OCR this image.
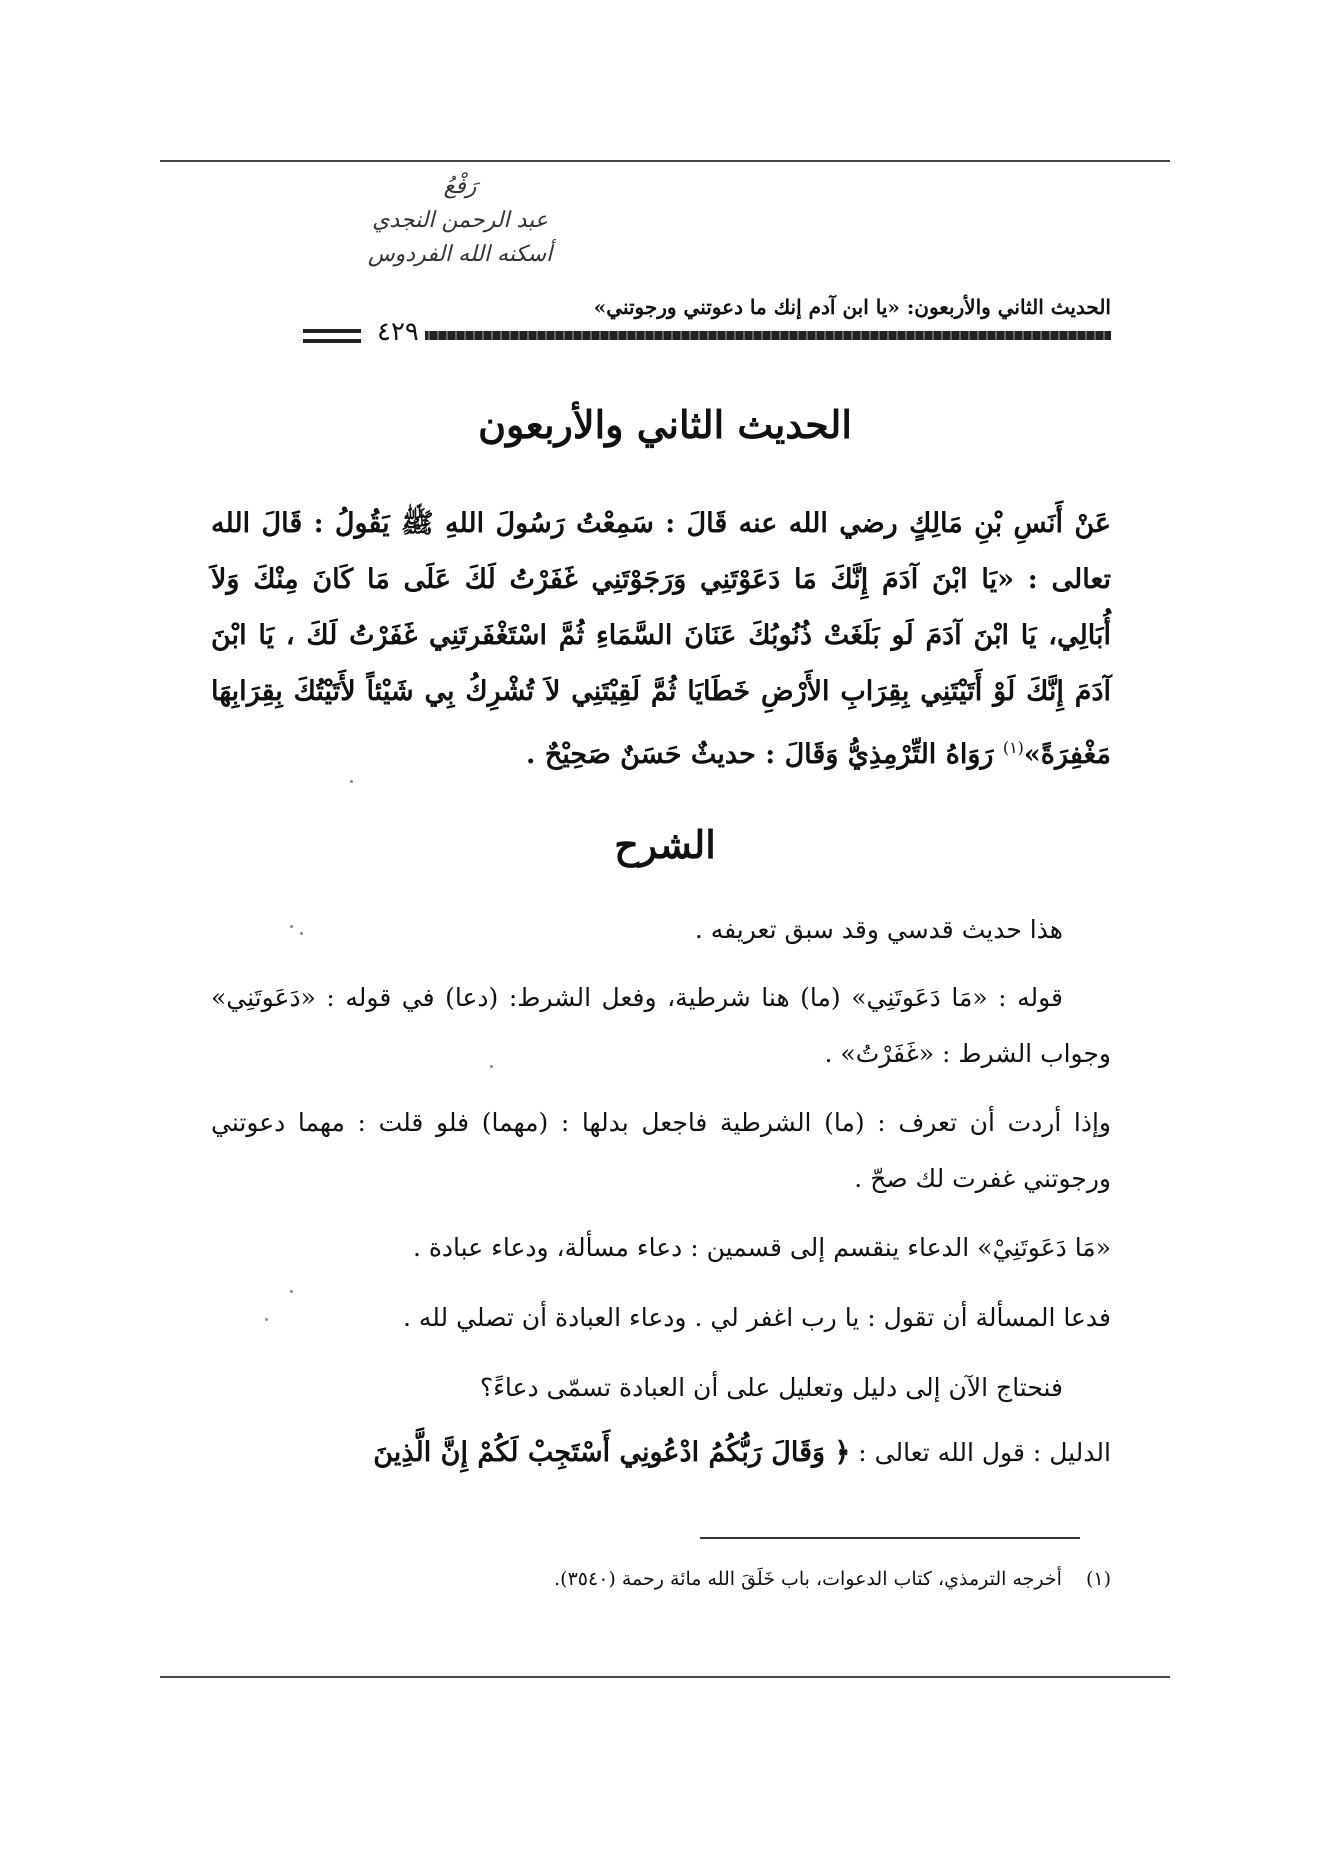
رَفْعُ
عبد الرحمن النجدي
أسكنه الله الفردوس
الحديث الثاني والأربعون: «يا ابن آدم إنك ما دعوتني ورجوتني»
٤٢٩
الحديث الثاني والأربعون
عَنْ أَنَسِ بْنِ مَالِكٍ رضي الله عنه قَالَ : سَمِعْتُ رَسُولَ اللهِ ﷺ يَقُولُ : قَالَ الله تعالى : «يَا ابْنَ آدَمَ إِنَّكَ مَا دَعَوْتَنِي وَرَجَوْتَنِي غَفَرْتُ لَكَ عَلَى مَا كَانَ مِنْكَ وَلاَ أُبَالِي، يَا ابْنَ آدَمَ لَو بَلَغَتْ ذُنُوبُكَ عَنَانَ السَّمَاءِ ثُمَّ اسْتَغْفَرتَنِي غَفَرْتُ لَكَ ، يَا ابْنَ آدَمَ إِنَّكَ لَوْ أَتَيْتَنِي بِقِرَابِ الأَرْضِ خَطَايَا ثُمَّ لَقِيْتَنِي لاَ تُشْرِكُ بِي شَيْئاً لأَتَيْتُكَ بِقِرَابِهَا مَغْفِرَةً»$^{(١)}$ رَوَاهُ التِّرْمِذِيُّ وَقَالَ : حديثٌ حَسَنٌ صَحِيْحٌ .
الشرح
هذا حديث قدسي وقد سبق تعريفه .
قوله : «مَا دَعَوتَنِي» (ما) هنا شرطية، وفعل الشرط: (دعا) في قوله : «دَعَوتَنِي» وجواب الشرط : «غَفَرْتُ» .
وإذا أردت أن تعرف : (ما) الشرطية فاجعل بدلها : (مهما) فلو قلت : مهما دعوتني ورجوتني غفرت لك صحّ .
«مَا دَعَوتَنِيْ» الدعاء ينقسم إلى قسمين : دعاء مسألة، ودعاء عبادة .
فدعا المسألة أن تقول : يا رب اغفر لي . ودعاء العبادة أن تصلي لله .
فنحتاج الآن إلى دليل وتعليل على أن العبادة تسمّى دعاءً؟
الدليل : قول الله تعالى : ﴿ وَقَالَ رَبُّكُمُ ادْعُونِي أَسْتَجِبْ لَكُمْ إِنَّ الَّذِينَ
(١)أخرجه الترمذي، كتاب الدعوات، باب خَلَقَ الله مائة رحمة (٣٥٤٠).
